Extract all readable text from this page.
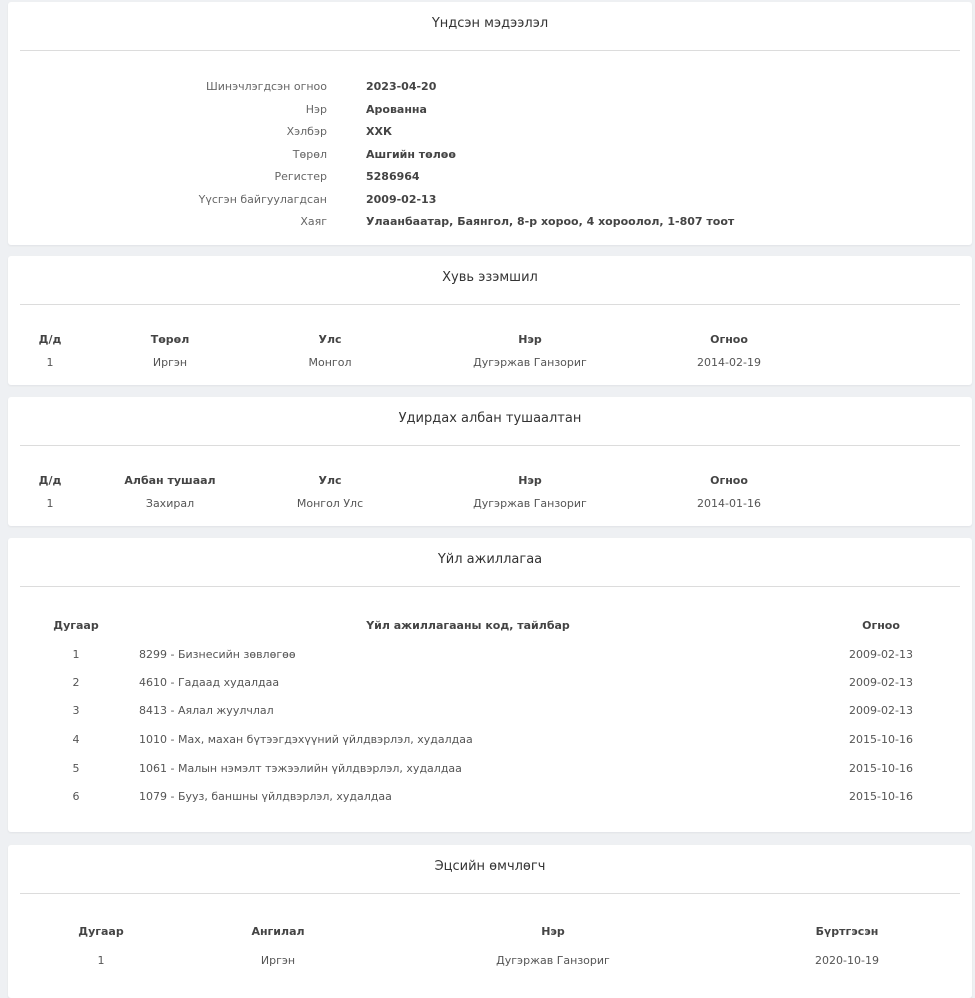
Үндсэн мэдээлэл
Шинэчлэгдсэн огноо	2023-04-20
Нэр	Арованна
Хэлбэр	ХХК
Төрөл	Ашгийн төлөө
Регистер	5286964
Үүсгэн байгуулагдсан	2009-02-13
Хаяг	Улаанбаатар, Баянгол, 8-р хороо, 4 хороолол, 1-807 тоот
Хувь эзэмшил
Д/д	Төрөл	Улс	Нэр	Огноо
1	Иргэн	Монгол	Дугэржав Ганзориг	2014-02-19
Удирдах албан тушаалтан
Д/д	Албан тушаал	Улс	Нэр	Огноо
1	Захирал	Монгол Улс	Дугэржав Ганзориг	2014-01-16
Үйл ажиллагаа
Дугаар	Үйл ажиллагааны код, тайлбар	Огноо
1	8299 - Бизнесийн зөвлөгөө	2009-02-13
2	4610 - Гадаад худалдаа	2009-02-13
3	8413 - Аялал жуулчлал	2009-02-13
4	1010 - Мах, махан бүтээгдэхүүний үйлдвэрлэл, худалдаа	2015-10-16
5	1061 - Малын нэмэлт тэжээлийн үйлдвэрлэл, худалдаа	2015-10-16
6	1079 - Бууз, баншны үйлдвэрлэл, худалдаа	2015-10-16
Эцсийн өмчлөгч
Дугаар	Ангилал	Нэр	Бүртгэсэн
1	Иргэн	Дугэржав Ганзориг	2020-10-19
